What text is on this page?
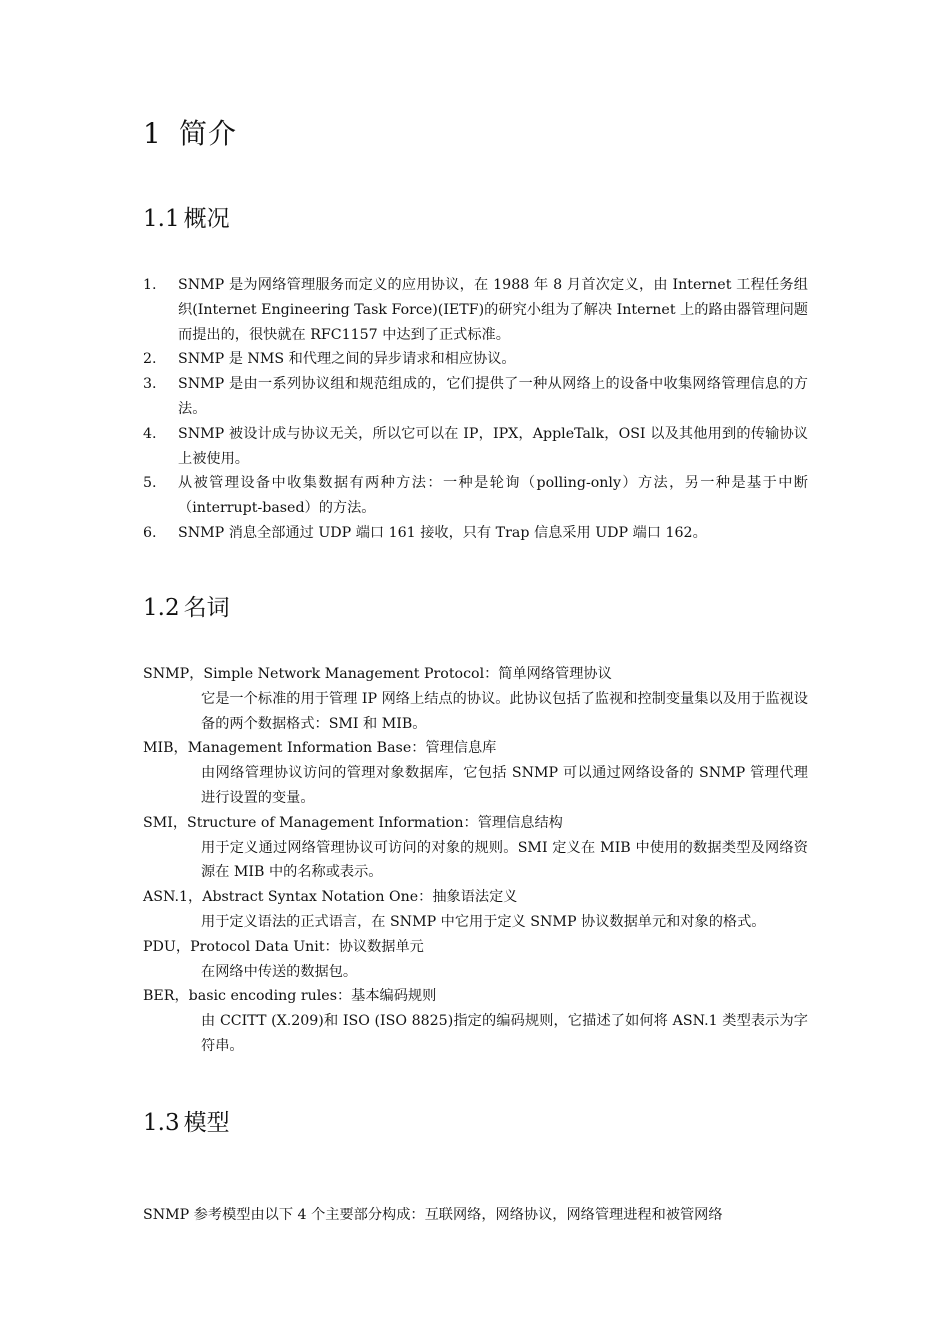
1 简介
1.1 概况
1. SNMP 是为网络管理服务而定义的应用协议，在 1988 年 8 月首次定义，由 Internet 工程任务组织(Internet Engineering Task Force)(IETF)的研究小组为了解决 Internet 上的路由器管理问题而提出的，很快就在 RFC1157 中达到了正式标准。
2. SNMP 是 NMS 和代理之间的异步请求和相应协议。
3. SNMP 是由一系列协议组和规范组成的，它们提供了一种从网络上的设备中收集网络管理信息的方法。
4. SNMP 被设计成与协议无关，所以它可以在 IP，IPX，AppleTalk，OSI 以及其他用到的传输协议上被使用。
5. 从被管理设备中收集数据有两种方法：一种是轮询（polling-only）方法，另一种是基于中断（interrupt-based）的方法。
6. SNMP 消息全部通过 UDP 端口 161 接收，只有 Trap 信息采用 UDP 端口 162。
1.2 名词

SNMP，Simple Network Management Protocol：简单网络管理协议

它是一个标准的用于管理 IP 网络上结点的协议。此协议包括了监视和控制变量集以及用于监视设备的两个数据格式：SMI 和 MIB。

MIB，Management Information Base：管理信息库

由网络管理协议访问的管理对象数据库，它包括 SNMP 可以通过网络设备的 SNMP 管理代理进行设置的变量。

SMI，Structure of Management Information：管理信息结构

用于定义通过网络管理协议可访问的对象的规则。SMI 定义在 MIB 中使用的数据类型及网络资源在 MIB 中的名称或表示。

ASN.1，Abstract Syntax Notation One：抽象语法定义

用于定义语法的正式语言，在 SNMP 中它用于定义 SNMP 协议数据单元和对象的格式。

PDU，Protocol Data Unit：协议数据单元

在网络中传送的数据包。

BER，basic encoding rules：基本编码规则

由 CCITT (X.209)和 ISO (ISO 8825)指定的编码规则，它描述了如何将 ASN.1 类型表示为字符串。

1.3 模型

SNMP 参考模型由以下 4 个主要部分构成：互联网络，网络协议，网络管理进程和被管网络
